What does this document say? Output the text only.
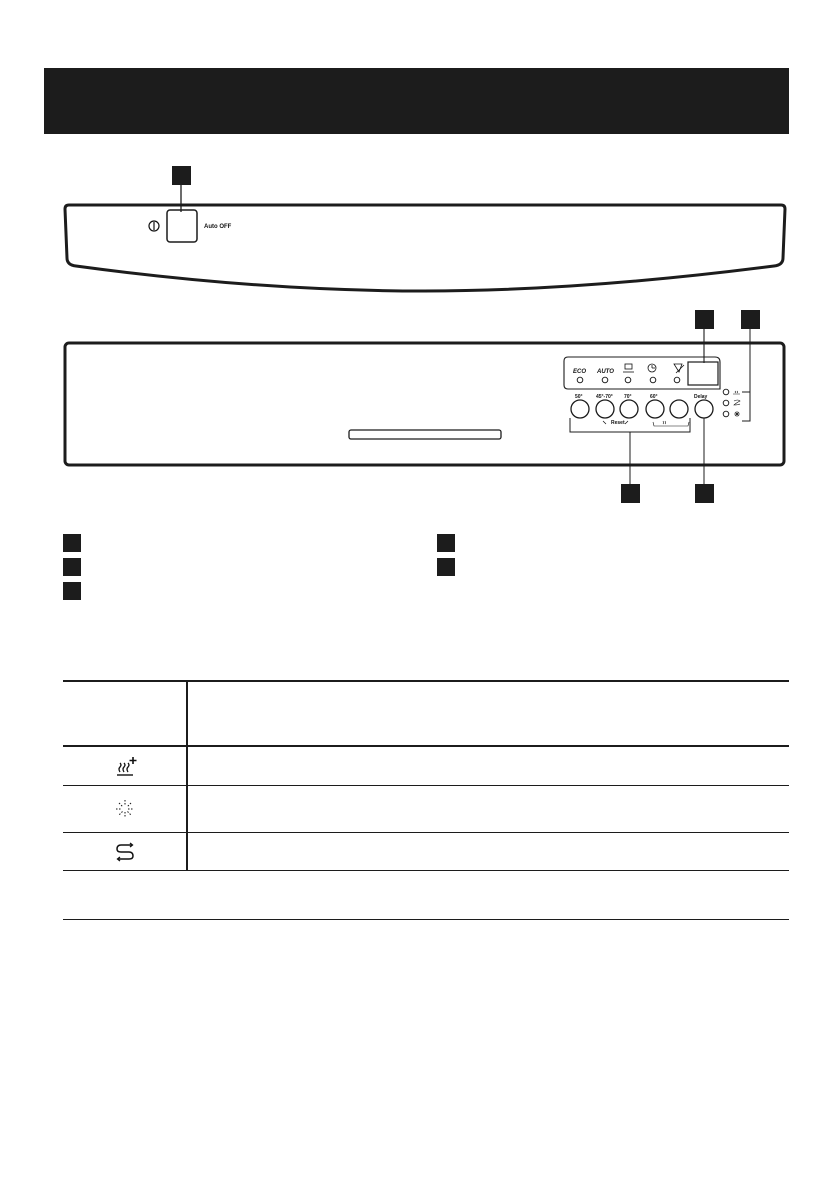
Auto OFF
ECO AUTO
50°	45°-70° 70°	60°	Delay
Reset
